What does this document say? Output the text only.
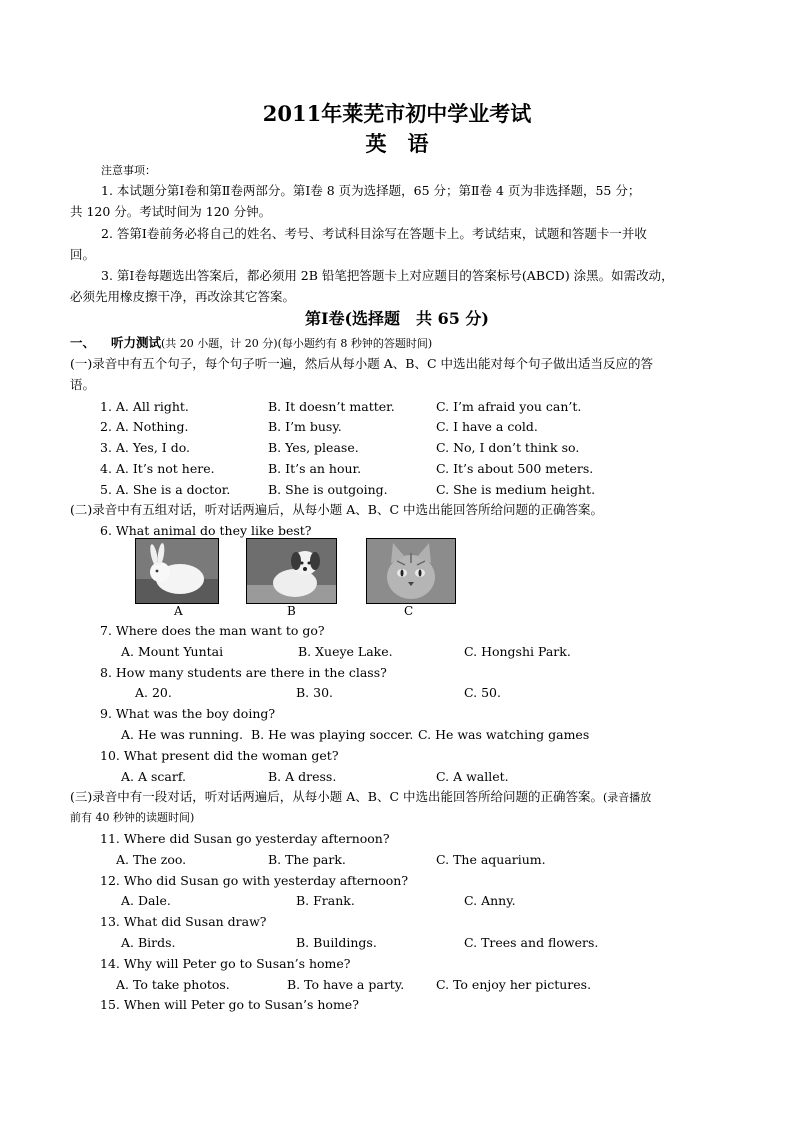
2011年莱芜市初中学业考试
英　语
注意事项：
1. 本试题分第Ⅰ卷和第Ⅱ卷两部分。第Ⅰ卷 8 页为选择题，65 分；第Ⅱ卷 4 页为非选择题，55 分；
共 120 分。考试时间为 120 分钟。
2. 答第Ⅰ卷前务必将自己的姓名、考号、考试科目涂写在答题卡上。考试结束，试题和答题卡一并收
回。
3. 第Ⅰ卷每题选出答案后，都必须用 2B 铅笔把答题卡上对应题目的答案标号(ABCD) 涂黑。如需改动，
必须先用橡皮擦干净，再改涂其它答案。
第Ⅰ卷(选择题　共 65 分)
一、 听力测试(共 20 小题，计 20 分)(每小题约有 8 秒钟的答题时间)
(一)录音中有五个句子，每个句子听一遍，然后从每小题 A、B、C 中选出能对每个句子做出适当反应的答
语。
1. A. All right.	B. It doesn’t matter.	C. I’m afraid you can’t.
2. A. Nothing.	B. I’m busy.	C. I have a cold.
3. A. Yes, I do.	B. Yes, please.	C. No, I don’t think so.
4. A. It’s not here.	B. It’s an hour.	C. It’s about 500 meters.
5. A. She is a doctor.	B. She is outgoing.	C. She is medium height.
(二)录音中有五组对话，听对话两遍后，从每小题 A、B、C 中选出能回答所给问题的正确答案。
6. What animal do they like best?
A	B	C
7. Where does the man want to go?
A. Mount Yuntai	B. Xueye Lake.	C. Hongshi Park.
8. How many students are there in the class?
A. 20.	B. 30.	C. 50.
9. What was the boy doing?
A. He was running. B. He was playing soccer. C. He was watching games
10. What present did the woman get?
A. A scarf.	B. A dress.	C. A wallet.
(三)录音中有一段对话，听对话两遍后，从每小题 A、B、C 中选出能回答所给问题的正确答案。(录音播放
前有 40 秒钟的读题时间)
11. Where did Susan go yesterday afternoon?
A. The zoo.	B. The park.	C. The aquarium.
12. Who did Susan go with yesterday afternoon?
A. Dale.	B. Frank.	C. Anny.
13. What did Susan draw?
A. Birds.	B. Buildings.	C. Trees and flowers.
14. Why will Peter go to Susan’s home?
A. To take photos.	B. To have a party.	C. To enjoy her pictures.
15. When will Peter go to Susan’s home?
